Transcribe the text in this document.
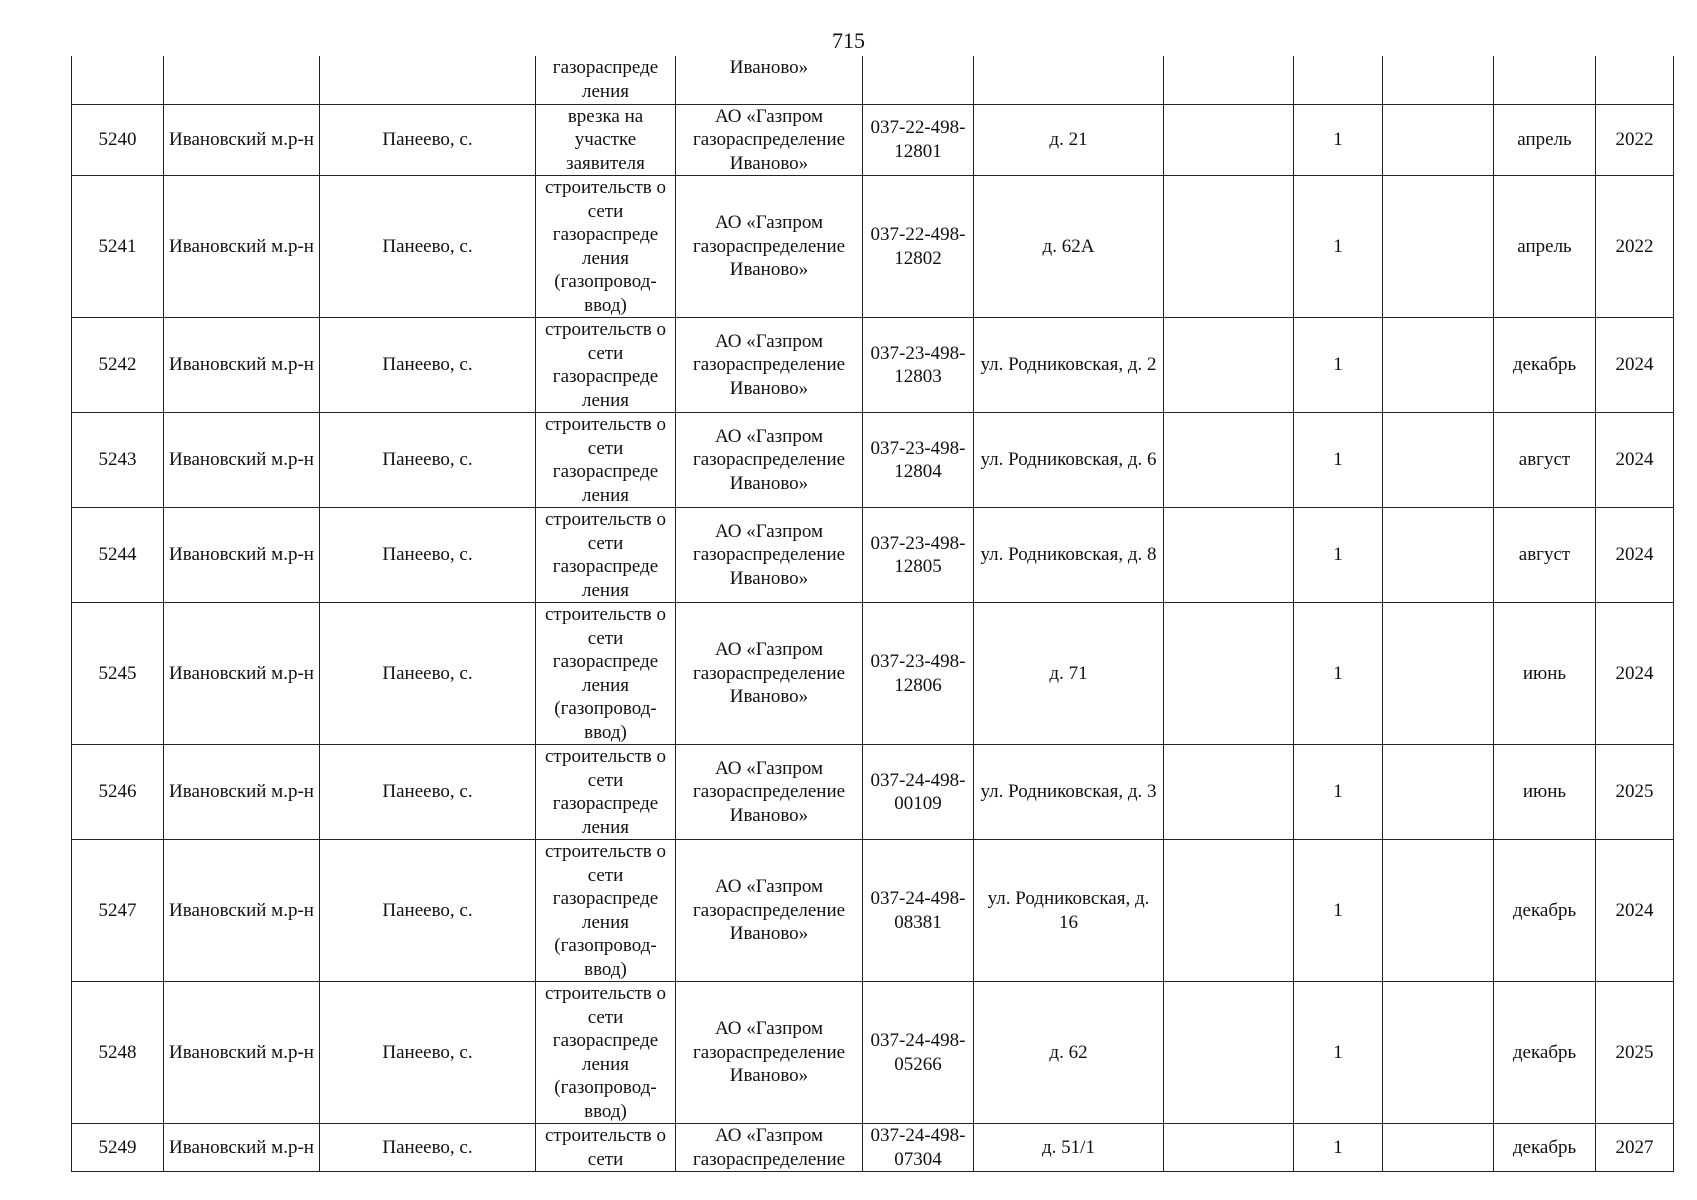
715
			газораспреде ления	Иваново»							
5240	Ивановский м.р-н	Панеево, с.	врезка на участке заявителя	АО «Газпром газораспределение Иваново»	037-22-498-12801	д. 21		1		апрель	2022
5241	Ивановский м.р-н	Панеево, с.	строительств о сети газораспреде ления (газопровод-ввод)	АО «Газпром газораспределение Иваново»	037-22-498-12802	д. 62А		1		апрель	2022
5242	Ивановский м.р-н	Панеево, с.	строительств о сети газораспреде ления	АО «Газпром газораспределение Иваново»	037-23-498-12803	ул. Родниковская, д. 2		1		декабрь	2024
5243	Ивановский м.р-н	Панеево, с.	строительств о сети газораспреде ления	АО «Газпром газораспределение Иваново»	037-23-498-12804	ул. Родниковская, д. 6		1		август	2024
5244	Ивановский м.р-н	Панеево, с.	строительств о сети газораспреде ления	АО «Газпром газораспределение Иваново»	037-23-498-12805	ул. Родниковская, д. 8		1		август	2024
5245	Ивановский м.р-н	Панеево, с.	строительств о сети газораспреде ления (газопровод-ввод)	АО «Газпром газораспределение Иваново»	037-23-498-12806	д. 71		1		июнь	2024
5246	Ивановский м.р-н	Панеево, с.	строительств о сети газораспреде ления	АО «Газпром газораспределение Иваново»	037-24-498-00109	ул. Родниковская, д. 3		1		июнь	2025
5247	Ивановский м.р-н	Панеево, с.	строительств о сети газораспреде ления (газопровод-ввод)	АО «Газпром газораспределение Иваново»	037-24-498-08381	ул. Родниковская, д. 16		1		декабрь	2024
5248	Ивановский м.р-н	Панеево, с.	строительств о сети газораспреде ления (газопровод-ввод)	АО «Газпром газораспределение Иваново»	037-24-498-05266	д. 62		1		декабрь	2025
5249	Ивановский м.р-н	Панеево, с.	строительств о сети	АО «Газпром газораспределение	037-24-498-07304	д. 51/1		1		декабрь	2027
